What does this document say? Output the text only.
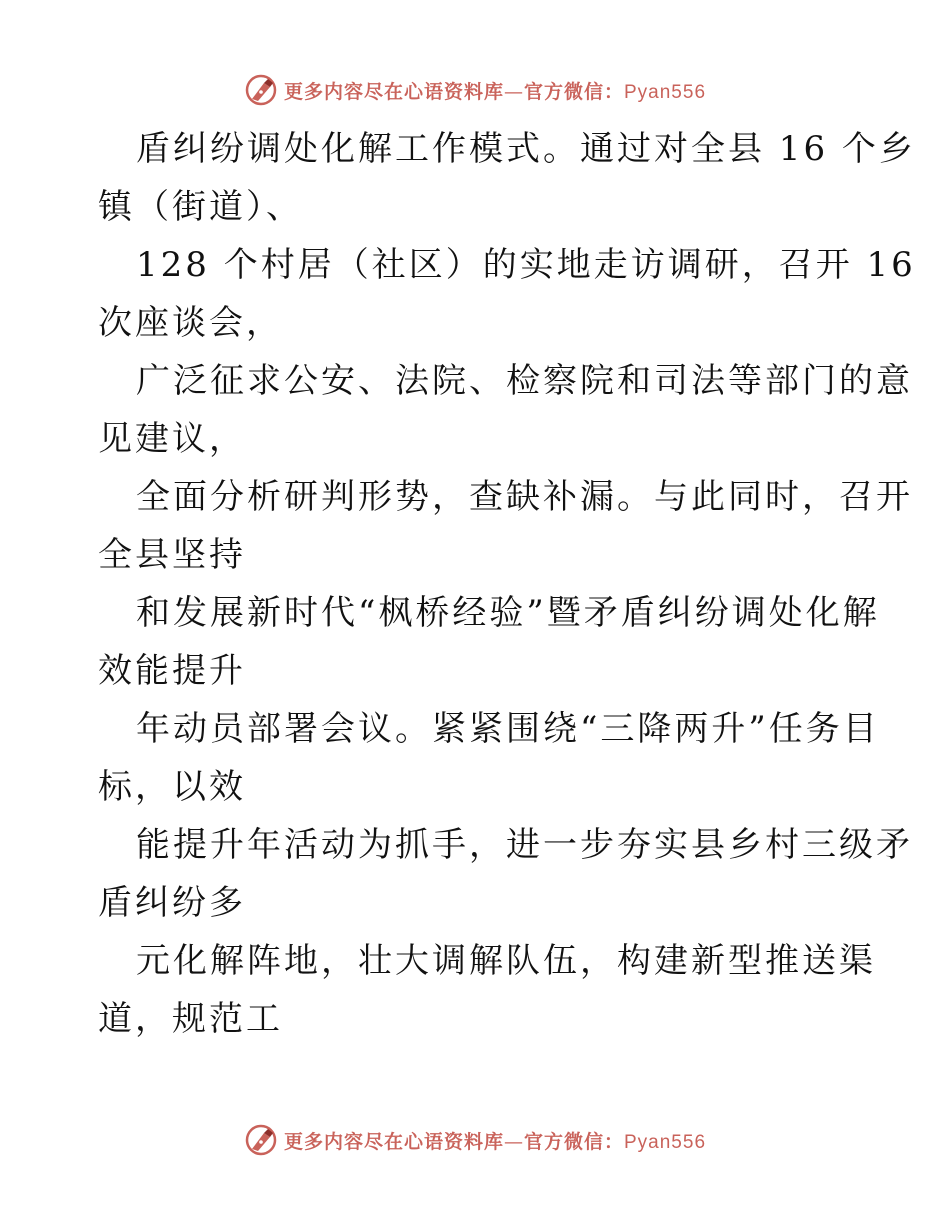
更多内容尽在心语资料库—官方微信：Pyan556
盾纠纷调处化解工作模式。通过对全县 16 个乡
镇（街道）、
128 个村居（社区）的实地走访调研，召开 16
次座谈会，
广泛征求公安、法院、检察院和司法等部门的意
见建议，
全面分析研判形势，查缺补漏。与此同时，召开
全县坚持
和发展新时代“枫桥经验”暨矛盾纠纷调处化解
效能提升
年动员部署会议。紧紧围绕“三降两升”任务目
标，以效
能提升年活动为抓手，进一步夯实县乡村三级矛
盾纠纷多
元化解阵地，壮大调解队伍，构建新型推送渠
道，规范工
更多内容尽在心语资料库—官方微信：Pyan556
